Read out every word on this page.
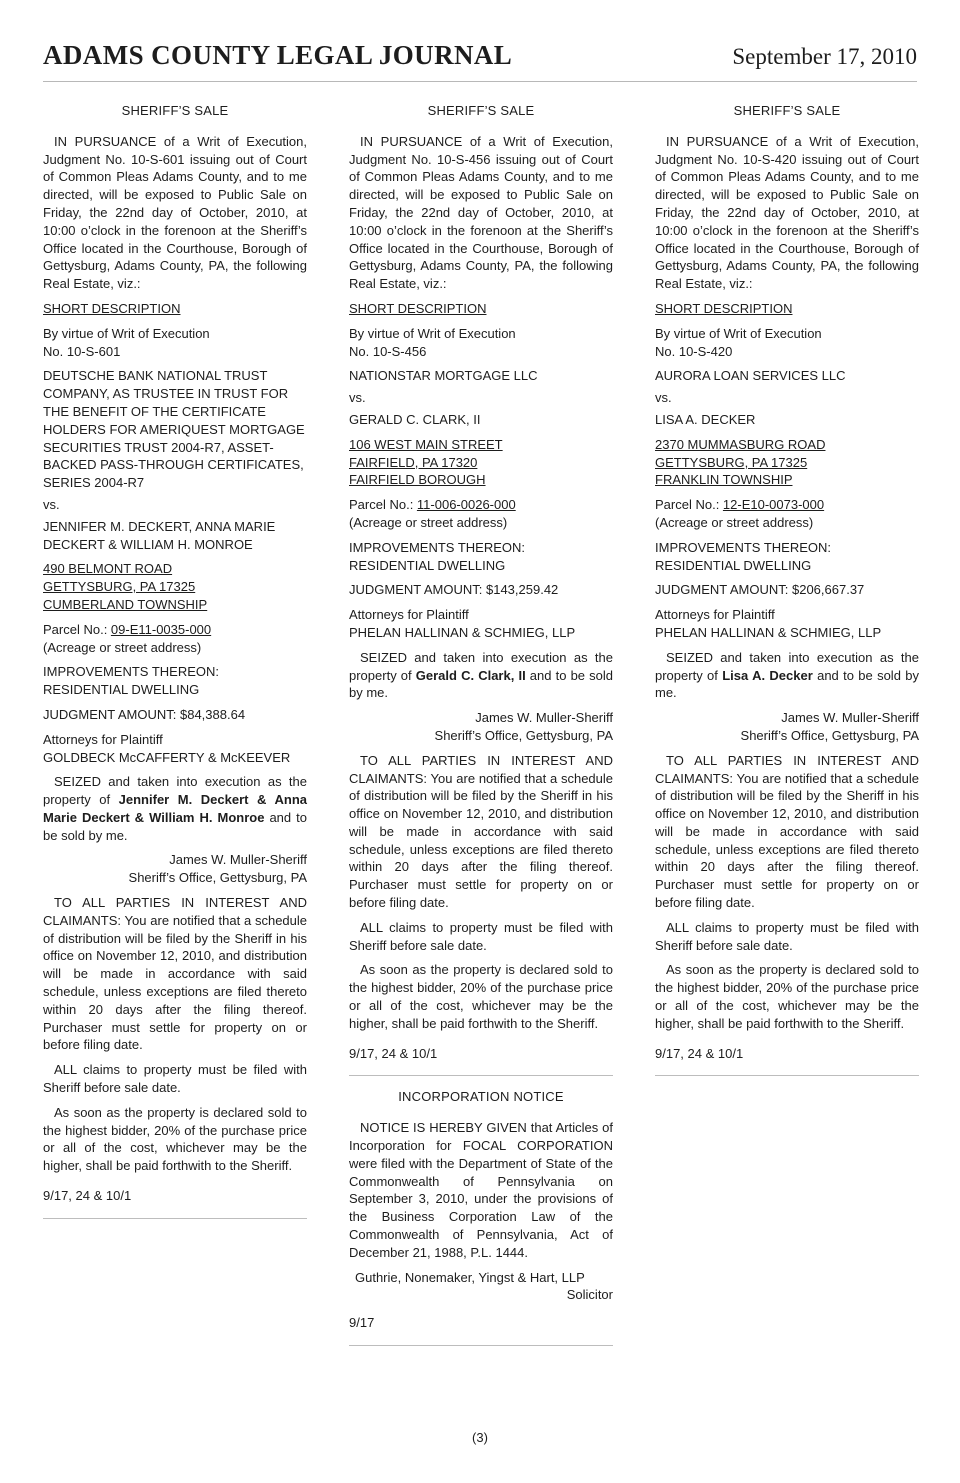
ADAMS COUNTY LEGAL JOURNAL	September 17, 2010
SHERIFF’S SALE

IN PURSUANCE of a Writ of Execution, Judgment No. 10-S-601 issuing out of Court of Common Pleas Adams County, and to me directed, will be exposed to Public Sale on Friday, the 22nd day of October, 2010, at 10:00 o’clock in the forenoon at the Sheriff’s Office located in the Courthouse, Borough of Gettysburg, Adams County, PA, the following Real Estate, viz.:

SHORT DESCRIPTION
By virtue of Writ of Execution
No. 10-S-601
DEUTSCHE BANK NATIONAL TRUST COMPANY, AS TRUSTEE IN TRUST FOR THE BENEFIT OF THE CERTIFICATE HOLDERS FOR AMERIQUEST MORTGAGE SECURITIES TRUST 2004-R7, ASSET-BACKED PASS-THROUGH CERTIFICATES, SERIES 2004-R7
vs.
JENNIFER M. DECKERT, ANNA MARIE DECKERT & WILLIAM H. MONROE
490 BELMONT ROAD
GETTYSBURG, PA 17325
CUMBERLAND TOWNSHIP
Parcel No.: 09-E11-0035-000
(Acreage or street address)
IMPROVEMENTS THEREON:
RESIDENTIAL DWELLING
JUDGMENT AMOUNT: $84,388.64
Attorneys for Plaintiff
GOLDBECK McCAFFERTY & McKEEVER

SEIZED and taken into execution as the property of Jennifer M. Deckert & Anna Marie Deckert & William H. Monroe and to be sold by me.

James W. Muller-Sheriff
Sheriff’s Office, Gettysburg, PA

TO ALL PARTIES IN INTEREST AND CLAIMANTS: You are notified that a schedule of distribution will be filed by the Sheriff in his office on November 12, 2010, and distribution will be made in accordance with said schedule, unless exceptions are filed thereto within 20 days after the filing thereof. Purchaser must settle for property on or before filing date.

ALL claims to property must be filed with Sheriff before sale date.

As soon as the property is declared sold to the highest bidder, 20% of the purchase price or all of the cost, whichever may be the higher, shall be paid forthwith to the Sheriff.

9/17, 24 & 10/1
SHERIFF’S SALE

IN PURSUANCE of a Writ of Execution, Judgment No. 10-S-456 issuing out of Court of Common Pleas Adams County, and to me directed, will be exposed to Public Sale on Friday, the 22nd day of October, 2010, at 10:00 o’clock in the forenoon at the Sheriff’s Office located in the Courthouse, Borough of Gettysburg, Adams County, PA, the following Real Estate, viz.:

SHORT DESCRIPTION
By virtue of Writ of Execution
No. 10-S-456
NATIONSTAR MORTGAGE LLC
vs.
GERALD C. CLARK, II
106 WEST MAIN STREET
FAIRFIELD, PA 17320
FAIRFIELD BOROUGH
Parcel No.: 11-006-0026-000
(Acreage or street address)
IMPROVEMENTS THEREON:
RESIDENTIAL DWELLING
JUDGMENT AMOUNT: $143,259.42
Attorneys for Plaintiff
PHELAN HALLINAN & SCHMIEG, LLP

SEIZED and taken into execution as the property of Gerald C. Clark, II and to be sold by me.

James W. Muller-Sheriff
Sheriff’s Office, Gettysburg, PA

TO ALL PARTIES IN INTEREST AND CLAIMANTS: You are notified that a schedule of distribution will be filed by the Sheriff in his office on November 12, 2010, and distribution will be made in accordance with said schedule, unless exceptions are filed thereto within 20 days after the filing thereof. Purchaser must settle for property on or before filing date.

ALL claims to property must be filed with Sheriff before sale date.

As soon as the property is declared sold to the highest bidder, 20% of the purchase price or all of the cost, whichever may be the higher, shall be paid forthwith to the Sheriff.

9/17, 24 & 10/1
INCORPORATION NOTICE

NOTICE IS HEREBY GIVEN that Articles of Incorporation for FOCAL CORPORATION were filed with the Department of State of the Commonwealth of Pennsylvania on September 3, 2010, under the provisions of the Business Corporation Law of the Commonwealth of Pennsylvania, Act of December 21, 1988, P.L. 1444.

Guthrie, Nonemaker, Yingst & Hart, LLP
Solicitor
9/17
SHERIFF’S SALE

IN PURSUANCE of a Writ of Execution, Judgment No. 10-S-420 issuing out of Court of Common Pleas Adams County, and to me directed, will be exposed to Public Sale on Friday, the 22nd day of October, 2010, at 10:00 o’clock in the forenoon at the Sheriff’s Office located in the Courthouse, Borough of Gettysburg, Adams County, PA, the following Real Estate, viz.:

SHORT DESCRIPTION
By virtue of Writ of Execution
No. 10-S-420
AURORA LOAN SERVICES LLC
vs.
LISA A. DECKER
2370 MUMMASBURG ROAD
GETTYSBURG, PA 17325
FRANKLIN TOWNSHIP
Parcel No.: 12-E10-0073-000
(Acreage or street address)
IMPROVEMENTS THEREON:
RESIDENTIAL DWELLING
JUDGMENT AMOUNT: $206,667.37
Attorneys for Plaintiff
PHELAN HALLINAN & SCHMIEG, LLP

SEIZED and taken into execution as the property of Lisa A. Decker and to be sold by me.

James W. Muller-Sheriff
Sheriff’s Office, Gettysburg, PA

TO ALL PARTIES IN INTEREST AND CLAIMANTS: You are notified that a schedule of distribution will be filed by the Sheriff in his office on November 12, 2010, and distribution will be made in accordance with said schedule, unless exceptions are filed thereto within 20 days after the filing thereof. Purchaser must settle for property on or before filing date.

ALL claims to property must be filed with Sheriff before sale date.

As soon as the property is declared sold to the highest bidder, 20% of the purchase price or all of the cost, whichever may be the higher, shall be paid forthwith to the Sheriff.

9/17, 24 & 10/1
(3)
